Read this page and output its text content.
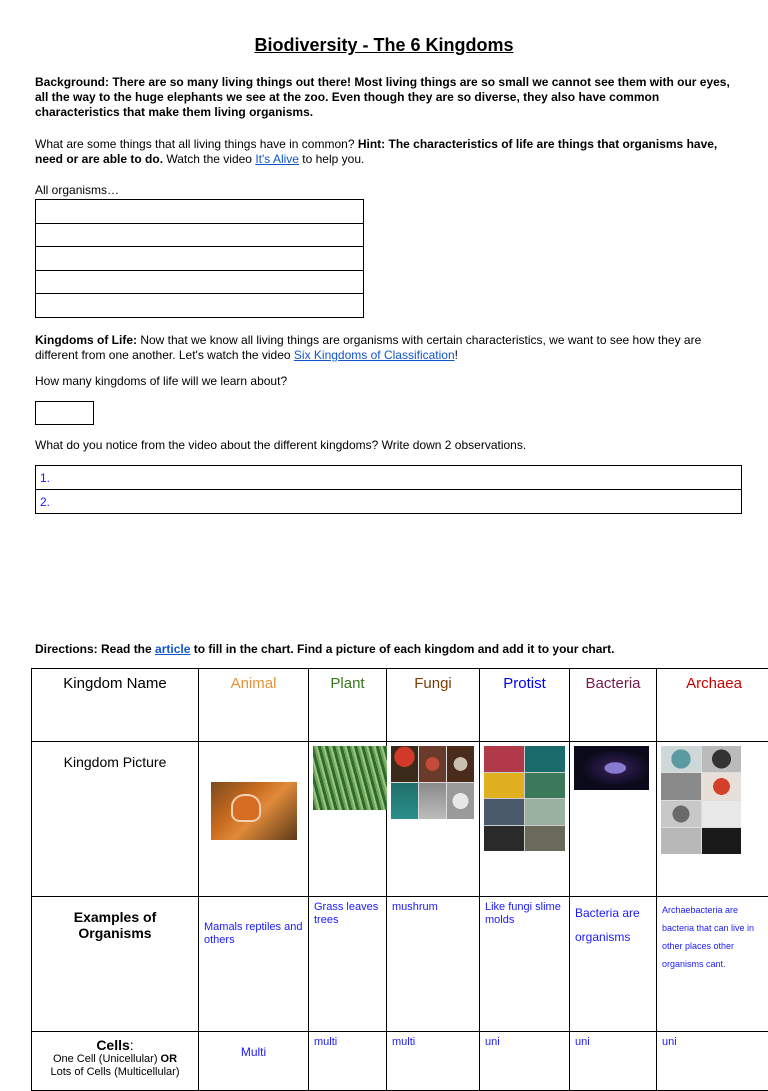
Biodiversity - The 6 Kingdoms
Background: There are so many living things out there! Most living things are so small we cannot see them with our eyes, all the way to the huge elephants we see at the zoo. Even though they are so diverse, they also have common characteristics that make them living organisms.
What are some things that all living things have in common? Hint: The characteristics of life are things that organisms have, need or are able to do. Watch the video It's Alive to help you.
All organisms…

Kingdoms of Life: Now that we know all living things are organisms with certain characteristics, we want to see how they are different from one another. Let's watch the video Six Kingdoms of Classification!
How many kingdoms of life will we learn about?
What do you notice from the video about the different kingdoms? Write down 2 observations.
1.
2.
Directions: Read the article to fill in the chart. Find a picture of each kingdom and add it to your chart.
Kingdom Name	Animal	Plant	Fungi	Protist	Bacteria	Archaea
Kingdom Picture	

Examples of Organisms	Mamals reptiles and others	Grass leaves trees	mushrum	Like fungi slime molds	Bacteria are organisms	Archaebacteria are bacteria that can live in other places other organisms cant.

Cells:
One Cell (Unicellular) OR
Lots of Cells (Multicellular)	Multi	multi	multi	uni	uni	uni
